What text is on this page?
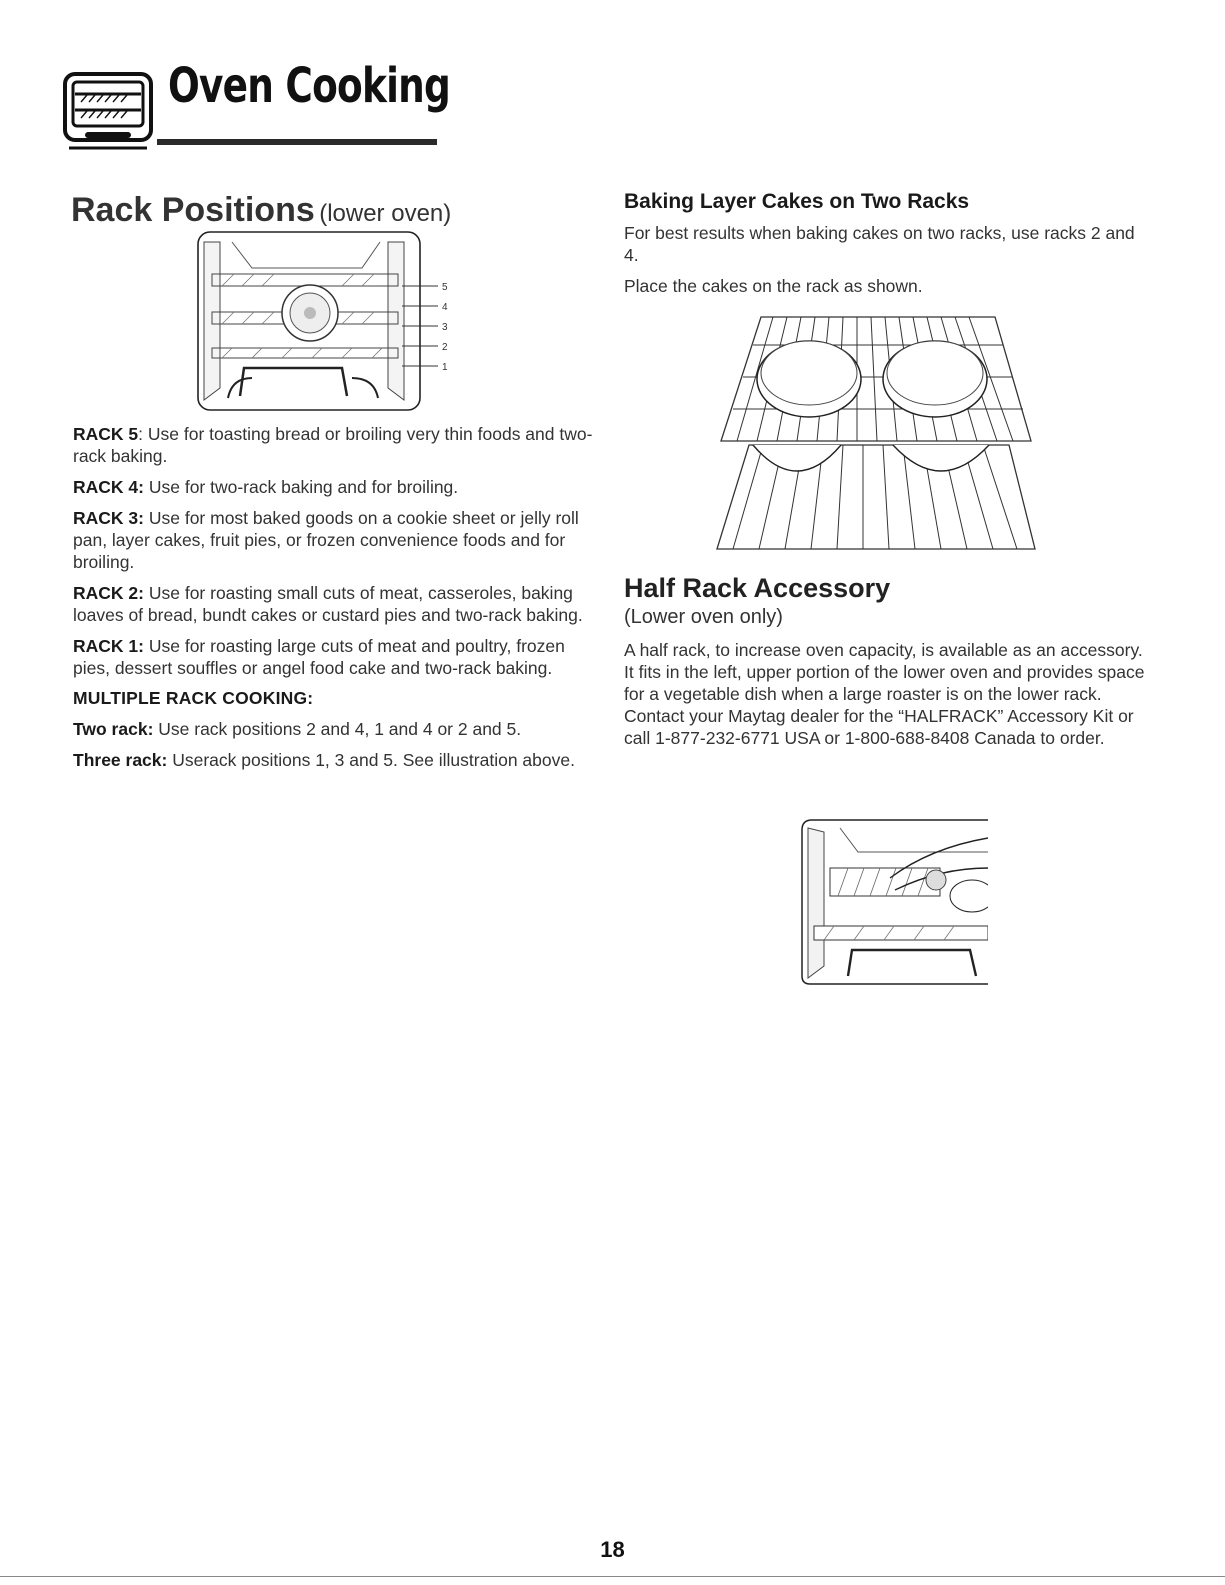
Oven Cooking
Rack Positions (lower oven)
5
4
3
2
1

RACK 5: Use for toasting bread or broiling very thin foods and two-rack baking.

RACK 4: Use for two-rack baking and for broiling.

RACK 3: Use for most baked goods on a cookie sheet or jelly roll pan, layer cakes, fruit pies, or frozen convenience foods and for broiling.

RACK 2: Use for roasting small cuts of meat, casseroles, baking loaves of bread, bundt cakes or custard pies and two-rack baking.

RACK 1: Use for roasting large cuts of meat and poultry, frozen pies, dessert souffles or angel food cake and two-rack baking.

MULTIPLE RACK COOKING:

Two rack: Use rack positions 2 and 4, 1 and 4 or 2 and 5.

Three rack: Userack positions 1, 3 and 5. See illustration above.

Baking Layer Cakes on Two Racks

For best results when baking cakes on two racks, use racks 2 and 4.

Place the cakes on the rack as shown.

Half Rack Accessory
(Lower oven only)

A half rack, to increase oven capacity, is available as an accessory. It fits in the left, upper portion of the lower oven and provides space for a vegetable dish when a large roaster is on the lower rack. Contact your Maytag dealer for the “HALFRACK” Accessory Kit or call 1-877-232-6771 USA or 1-800-688-8408 Canada to order.

18
